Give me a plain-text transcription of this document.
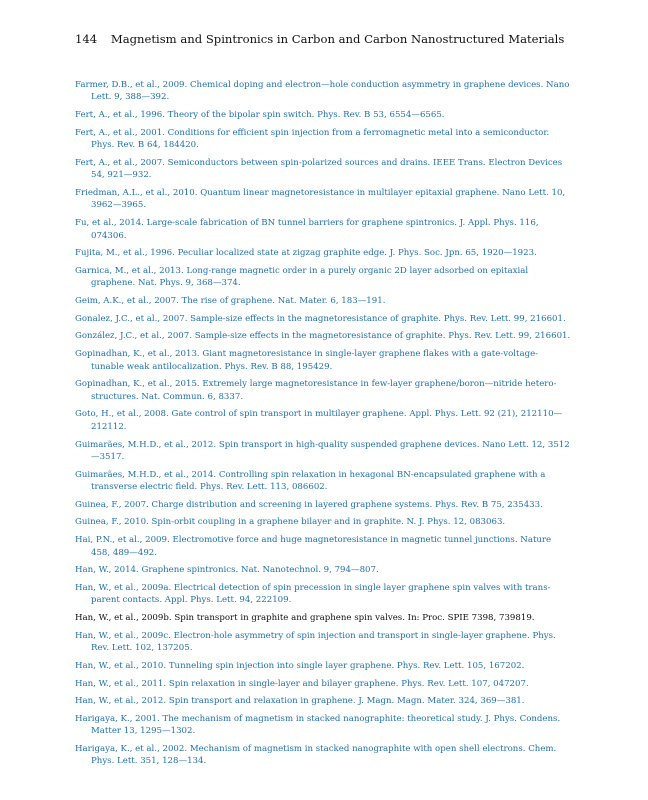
144 Magnetism and Spintronics in Carbon and Carbon Nanostructured Materials
Farmer, D.B., et al., 2009. Chemical doping and electron—hole conduction asymmetry in graphene devices. Nano Lett. 9, 388—392.
Fert, A., et al., 1996. Theory of the bipolar spin switch. Phys. Rev. B 53, 6554—6565.
Fert, A., et al., 2001. Conditions for efficient spin injection from a ferromagnetic metal into a semiconductor. Phys. Rev. B 64, 184420.
Fert, A., et al., 2007. Semiconductors between spin-polarized sources and drains. IEEE Trans. Electron Devices 54, 921—932.
Friedman, A.L., et al., 2010. Quantum linear magnetoresistance in multilayer epitaxial graphene. Nano Lett. 10, 3962—3965.
Fu, et al., 2014. Large-scale fabrication of BN tunnel barriers for graphene spintronics. J. Appl. Phys. 116, 074306.
Fujita, M., et al., 1996. Peculiar localized state at zigzag graphite edge. J. Phys. Soc. Jpn. 65, 1920—1923.
Garnica, M., et al., 2013. Long-range magnetic order in a purely organic 2D layer adsorbed on epitaxial graphene. Nat. Phys. 9, 368—374.
Geim, A.K., et al., 2007. The rise of graphene. Nat. Mater. 6, 183—191.
Gonalez, J.C., et al., 2007. Sample-size effects in the magnetoresistance of graphite. Phys. Rev. Lett. 99, 216601.
González, J.C., et al., 2007. Sample-size effects in the magnetoresistance of graphite. Phys. Rev. Lett. 99, 216601.
Gopinadhan, K., et al., 2013. Giant magnetoresistance in single-layer graphene flakes with a gate-voltage-tunable weak antilocalization. Phys. Rev. B 88, 195429.
Gopinadhan, K., et al., 2015. Extremely large magnetoresistance in few-layer graphene/boron—nitride hetero-structures. Nat. Commun. 6, 8337.
Goto, H., et al., 2008. Gate control of spin transport in multilayer graphene. Appl. Phys. Lett. 92 (21), 212110—212112.
Guimarães, M.H.D., et al., 2012. Spin transport in high-quality suspended graphene devices. Nano Lett. 12, 3512—3517.
Guimarães, M.H.D., et al., 2014. Controlling spin relaxation in hexagonal BN-encapsulated graphene with a transverse electric field. Phys. Rev. Lett. 113, 086602.
Guinea, F., 2007. Charge distribution and screening in layered graphene systems. Phys. Rev. B 75, 235433.
Guinea, F., 2010. Spin-orbit coupling in a graphene bilayer and in graphite. N. J. Phys. 12, 083063.
Hai, P.N., et al., 2009. Electromotive force and huge magnetoresistance in magnetic tunnel junctions. Nature 458, 489—492.
Han, W., 2014. Graphene spintronics. Nat. Nanotechnol. 9, 794—807.
Han, W., et al., 2009a. Electrical detection of spin precession in single layer graphene spin valves with trans-parent contacts. Appl. Phys. Lett. 94, 222109.
Han, W., et al., 2009b. Spin transport in graphite and graphene spin valves. In: Proc. SPIE 7398, 739819.
Han, W., et al., 2009c. Electron-hole asymmetry of spin injection and transport in single-layer graphene. Phys. Rev. Lett. 102, 137205.
Han, W., et al., 2010. Tunneling spin injection into single layer graphene. Phys. Rev. Lett. 105, 167202.
Han, W., et al., 2011. Spin relaxation in single-layer and bilayer graphene. Phys. Rev. Lett. 107, 047207.
Han, W., et al., 2012. Spin transport and relaxation in graphene. J. Magn. Magn. Mater. 324, 369—381.
Harigaya, K., 2001. The mechanism of magnetism in stacked nanographite: theoretical study. J. Phys. Condens. Matter 13, 1295—1302.
Harigaya, K., et al., 2002. Mechanism of magnetism in stacked nanographite with open shell electrons. Chem. Phys. Lett. 351, 128—134.
